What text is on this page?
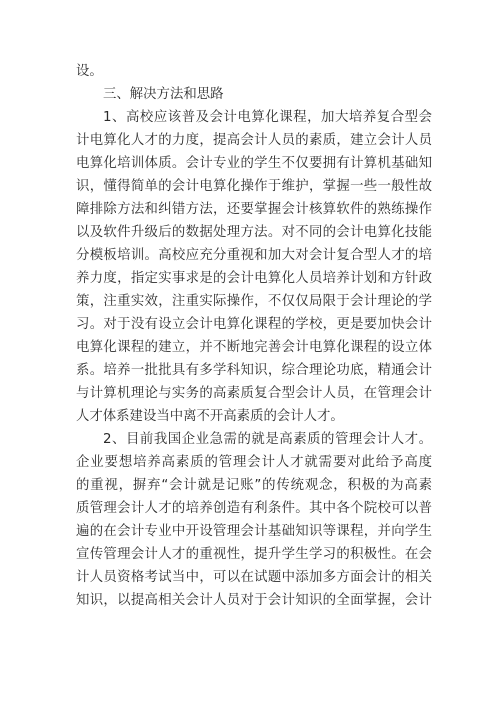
设。
三、解决方法和思路
1、高校应该普及会计电算化课程，加大培养复合型会
计电算化人才的力度，提高会计人员的素质，建立会计人员
电算化培训体质。会计专业的学生不仅要拥有计算机基础知
识，懂得简单的会计电算化操作于维护，掌握一些一般性故
障排除方法和纠错方法，还要掌握会计核算软件的熟练操作
以及软件升级后的数据处理方法。对不同的会计电算化技能
分模板培训。高校应充分重视和加大对会计复合型人才的培
养力度，指定实事求是的会计电算化人员培养计划和方针政
策，注重实效，注重实际操作，不仅仅局限于会计理论的学
习。对于没有设立会计电算化课程的学校，更是要加快会计
电算化课程的建立，并不断地完善会计电算化课程的设立体
系。培养一批批具有多学科知识，综合理论功底，精通会计
与计算机理论与实务的高素质复合型会计人员，在管理会计
人才体系建设当中离不开高素质的会计人才。
2、目前我国企业急需的就是高素质的管理会计人才。
企业要想培养高素质的管理会计人才就需要对此给予高度
的重视，摒弃“会计就是记账”的传统观念，积极的为高素
质管理会计人才的培养创造有利条件。其中各个院校可以普
遍的在会计专业中开设管理会计基础知识等课程，并向学生
宣传管理会计人才的重视性，提升学生学习的积极性。在会
计人员资格考试当中，可以在试题中添加多方面会计的相关
知识，以提高相关会计人员对于会计知识的全面掌握，会计
